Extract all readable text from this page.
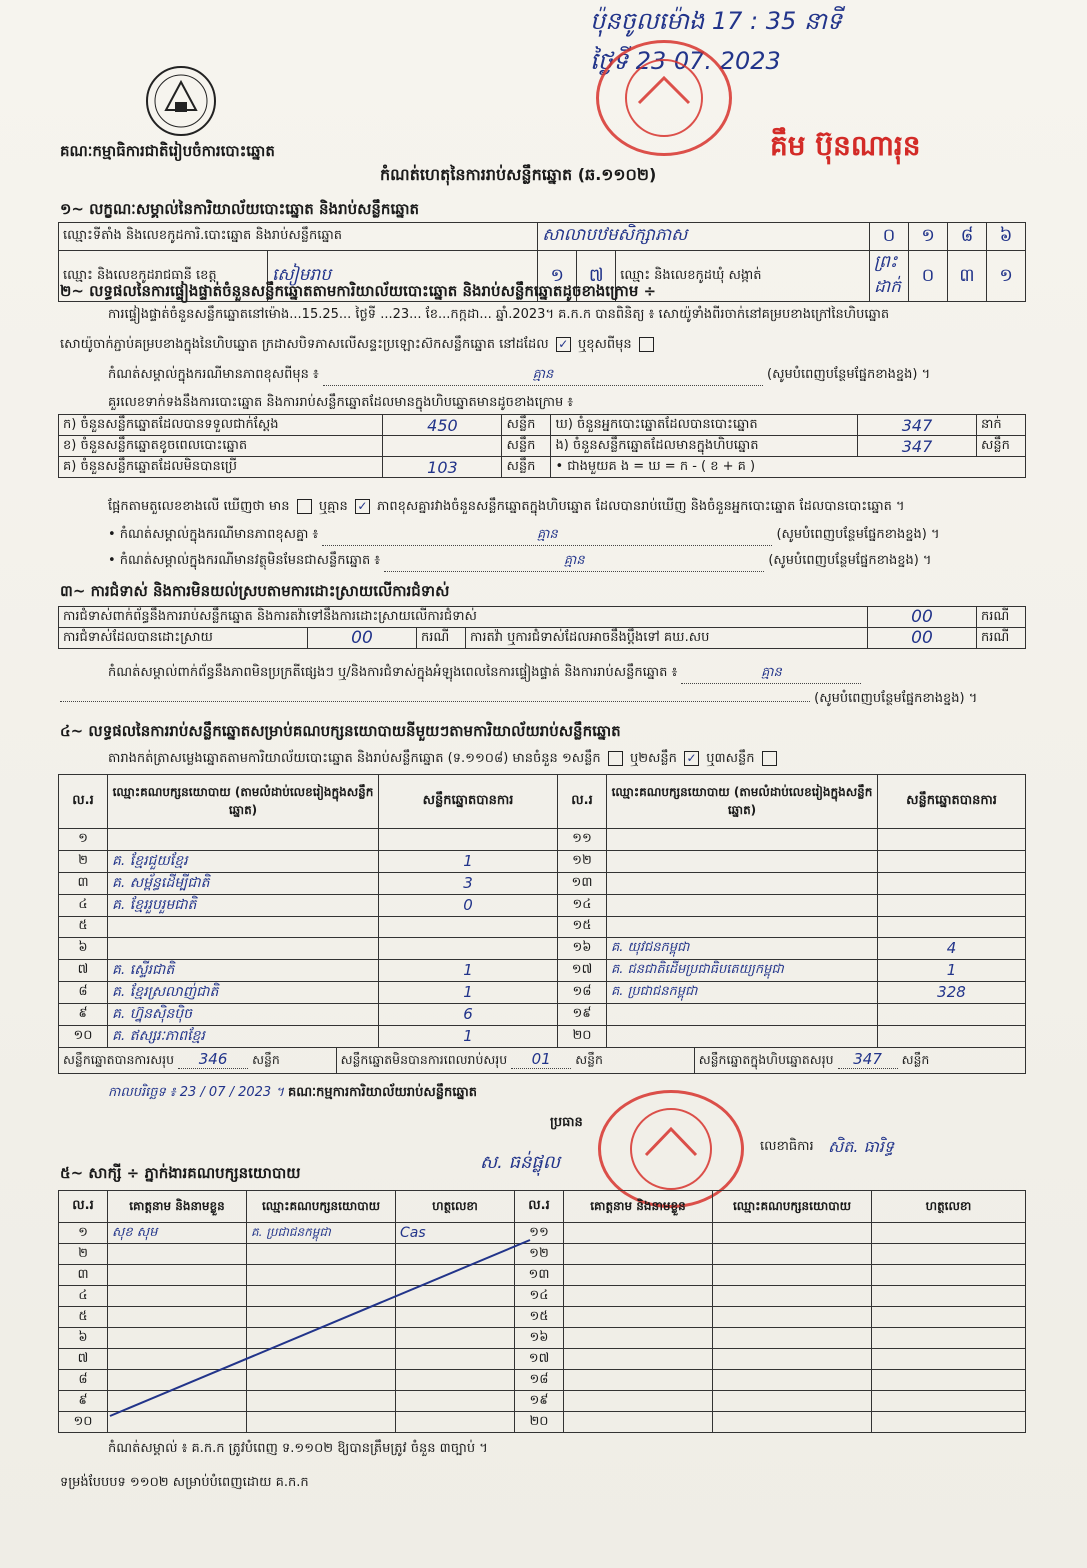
ប៉ុនចូលម៉ោង 17 : 35 នាទី
ថ្ងៃទី 23 07. 2023
គឹម ប៊ុនណារុន
គណៈកម្មាធិការជាតិរៀបចំការបោះឆ្នោត
កំណត់ហេតុនៃការរាប់សន្លឹកឆ្នោត (ឆ.១១០២)
១~ លក្ខណៈសម្គាល់នៃការិយាល័យបោះឆ្នោត និងរាប់សន្លឹកឆ្នោត
ឈ្មោះទីតាំង និងលេខកូដការិ.បោះឆ្នោត និងរាប់សន្លឹកឆ្នោត		សាលាបឋមសិក្សាភាស			០	១	៨	៦
ឈ្មោះ និងលេខកូដរាជធានី ខេត្ត	សៀមរាប	១	៧	ឈ្មោះ និងលេខកូដឃុំ សង្កាត់	ព្រះដាក់	០	៣	១
២~ លទ្ធផលនៃការផ្ទៀងផ្ទាត់ចំនួនសន្លឹកឆ្នោតតាមការិយាល័យបោះឆ្នោត និងរាប់សន្លឹកឆ្នោតដូចខាងក្រោម ÷
ការផ្ទៀងផ្ទាត់ចំនួនសន្លឹកឆ្នោតនៅម៉ោង...15.25... ថ្ងៃទី ...23... ខែ...កក្កដា... ឆ្នាំ.2023។ គ.ក.ក បានពិនិត្យ ៖ សោយ៉ូទាំងពីរចាក់នៅគម្របខាងក្រៅនៃហិបឆ្នោត
សោយ៉ូចាក់ភ្ជាប់គម្របខាងក្នុងនៃហិបឆ្នោត ក្រដាសបិទភាសលើសន្ទះប្រឡោះស៊កសន្លឹកឆ្នោត នៅដដែល ✓ ឬខុសពីមុន
កំណត់សម្គាល់ក្នុងករណីមានភាពខុសពីមុន ៖	គ្មាន	(សូមបំពេញបន្ថែមផ្នែកខាងខ្នង) ។
គួរលេខទាក់ទងនឹងការបោះឆ្នោត និងការរាប់សន្លឹកឆ្នោតដែលមានក្នុងហិបឆ្នោតមានដូចខាងក្រោម ៖
ក) ចំនួនសន្លឹកឆ្នោតដែលបានទទួលជាក់ស្តែង	450	សន្លឹក	ឃ) ចំនួនអ្នកបោះឆ្នោតដែលបានបោះឆ្នោត	347	នាក់
ខ) ចំនួនសន្លឹកឆ្នោតខូចពេលបោះឆ្នោត		សន្លឹក	ង) ចំនួនសន្លឹកឆ្នោតដែលមានក្នុងហិបឆ្នោត	347	សន្លឹក
គ) ចំនួនសន្លឹកឆ្នោតដែលមិនបានប្រើ	103	សន្លឹក	• ជាងមួយគ ង = ឃ = ក - ( ខ + គ )		
ផ្អែកតាមតួលេខខាងលើ ឃើញថា មាន ឬគ្មាន ✓ ភាពខុសគ្នារវាងចំនួនសន្លឹកឆ្នោតក្នុងហិបឆ្នោត ដែលបានរាប់ឃើញ និងចំនួនអ្នកបោះឆ្នោត ដែលបានបោះឆ្នោត ។
• កំណត់សម្គាល់ក្នុងករណីមានភាពខុសគ្នា ៖	គ្មាន	(សូមបំពេញបន្ថែមផ្នែកខាងខ្នង) ។
• កំណត់សម្គាល់ក្នុងករណីមានវត្ថុមិនមែនជាសន្លឹកឆ្នោត ៖	គ្មាន	(សូមបំពេញបន្ថែមផ្នែកខាងខ្នង) ។
៣~ ការជំទាស់ និងការមិនយល់ស្របតាមការដោះស្រាយលើការជំទាស់
ការជំទាស់ពាក់ព័ន្ធនឹងការរាប់សន្លឹកឆ្នោត និងការតវ៉ាទៅនឹងការដោះស្រាយលើការជំទាស់				00	ករណី
ការជំទាស់ដែលបានដោះស្រាយ	00	ករណី	ការតវ៉ា ឬការជំទាស់ដែលអាចនឹងប្ដឹងទៅ គឃ.សប	00	ករណី
កំណត់សម្គាល់ពាក់ព័ន្ធនឹងភាពមិនប្រក្រតីផ្សេងៗ ឬ/និងការជំទាស់ក្នុងអំឡុងពេលនៃការផ្ទៀងផ្ទាត់ និងការរាប់សន្លឹកឆ្នោត ៖	គ្មាន
(សូមបំពេញបន្ថែមផ្នែកខាងខ្នង) ។
៤~ លទ្ធផលនៃការរាប់សន្លឹកឆ្នោតសម្រាប់គណបក្សនយោបាយនីមួយៗតាមការិយាល័យរាប់សន្លឹកឆ្នោត
តារាងកត់ត្រាសម្លេងឆ្នោតតាមការិយាល័យបោះឆ្នោត និងរាប់សន្លឹកឆ្នោត (ទ.១១០៨) មានចំនួន ១សន្លឹក ឬ២សន្លឹក ✓ ឬ៣សន្លឹក
ល.រ	ឈ្មោះគណបក្សនយោបាយ (តាមលំដាប់លេខរៀងក្នុងសន្លឹកឆ្នោត)	សន្លឹកឆ្នោតបានការ	ល.រ	ឈ្មោះគណបក្សនយោបាយ (តាមលំដាប់លេខរៀងក្នុងសន្លឹកឆ្នោត)	សន្លឹកឆ្នោតបានការ
១			១១		
២	គ. ខ្មែរជួយខ្មែរ	1	១២		
៣	គ. សម្ព័ន្ធដើម្បីជាតិ	3	១៣		
៤	គ. ខ្មែររួបរួមជាតិ	0	១៤		
៥			១៥		
៦			១៦	គ. យុវជនកម្ពុជា	4
៧	គ. ស្ទើរជាតិ	1	១៧	គ. ជនជាតិដើមប្រជាធិបតេយ្យកម្ពុជា	1
៨	គ. ខ្មែរស្រលាញ់ជាតិ	1	១៨	គ. ប្រជាជនកម្ពុជា	328
៩	គ. ហ្វ៊ុនស៊ិនប៉ិច	6	១៩		
១០	គ. ឥស្សរៈភាពខ្មែរ	1	២០		

សន្លឹកឆ្នោតបានការសរុប 346 សន្លឹក សន្លឹកឆ្នោតមិនបានការពេលរាប់សរុប 01 សន្លឹក សន្លឹកឆ្នោតក្នុងហិបឆ្នោតសរុប 347 សន្លឹក					
កាលបរិច្ឆេទ ៖ 23 / 07 / 2023 ។ គណៈកម្មការការិយាល័យរាប់សន្លឹកឆ្នោត
ប្រធាន
ស. ធន់ផ្លុល
លេខាធិការ សិត. ធារិទ្ធ
៥~ សាក្សី ÷ ភ្នាក់ងារគណបក្សនយោបាយ
ល.រ	គោត្តនាម និងនាមខ្លួន	ឈ្មោះគណបក្សនយោបាយ	ហត្ថលេខា	ល.រ	គោត្តនាម និងនាមខ្លួន	ឈ្មោះគណបក្សនយោបាយ	ហត្ថលេខា
១	សុខ សុម	គ. ប្រជាជនកម្ពុជា	Cas	១១			
២				១២			
៣				១៣			
៤				១៤			
៥				១៥			
៦				១៦			
៧				១៧			
៨				១៨			
៩				១៩			
១០				២០			
កំណត់សម្គាល់ ៖ គ.ក.ក ត្រូវបំពេញ ទ.១១០២ ឱ្យបានត្រឹមត្រូវ ចំនួន ៣ច្បាប់ ។
ទម្រង់បែបបទ ១១០២ សម្រាប់បំពេញដោយ គ.ក.ក
